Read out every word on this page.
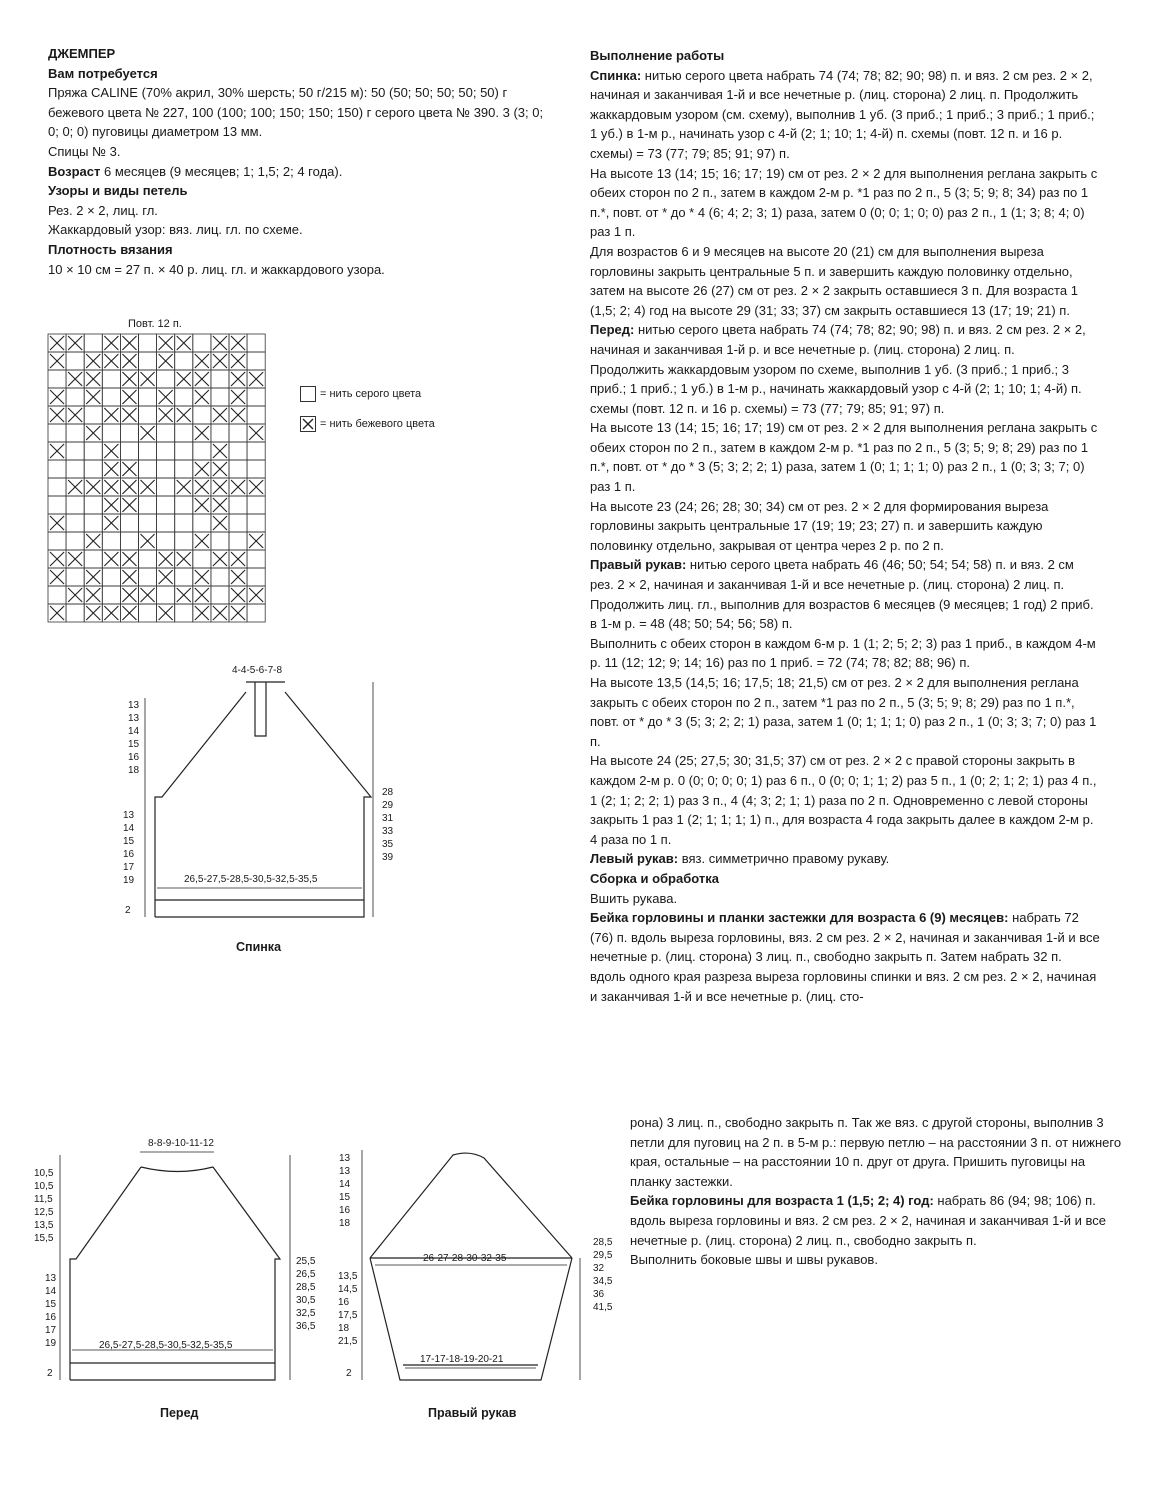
ДЖЕМПЕР
Вам потребуется

Пряжа CALINE (70% акрил, 30% шерсть; 50 г/215 м): 50 (50; 50; 50; 50; 50) г бежевого цвета № 227, 100 (100; 100; 150; 150; 150) г серого цвета № 390. 3 (3; 0; 0; 0; 0) пуговицы диаметром 13 мм.

Спицы № 3.

Возраст 6 месяцев (9 месяцев; 1; 1,5; 2; 4 года).

Узоры и виды петель

Рез. 2 × 2, лиц. гл.

Жаккардовый узор: вяз. лиц. гл. по схеме.

Плотность вязания

10 × 10 см = 27 п. × 40 р. лиц. гл. и жаккардового узора.

Повт. 12 п.
= нить серого цвета
= нить бежевого цвета
4-4-5-6-7-8
13
13
14
15
16
18
13
14
15
16
17
19
28
29
31
33
35
39
26,5-27,5-28,5-30,5-32,5-35,5
2
Спинка
8-8-9-10-11-12
10,5
10,5
11,5
12,5
13,5
15,5
13
14
15
16
17
19
25,5
26,5
28,5
30,5
32,5
36,5
26,5-27,5-28,5-30,5-32,5-35,5
2
Перед
13
13
14
15
16
18
13,5
14,5
16
17,5
18
21,5
28,5
29,5
32
34,5
36
41,5
26-27-28-30-32-35
17-17-18-19-20-21
2
Правый рукав
Выполнение работы

Спинка: нитью серого цвета набрать 74 (74; 78; 82; 90; 98) п. и вяз. 2 см рез. 2 × 2, начиная и заканчивая 1-й и все нечетные р. (лиц. сторона) 2 лиц. п. Продолжить жаккардовым узором (см. схему), выполнив 1 уб. (3 приб.; 1 приб.; 3 приб.; 1 приб.; 1 уб.) в 1-м р., начинать узор с 4-й (2; 1; 10; 1; 4-й) п. схемы (повт. 12 п. и 16 р. схемы) = 73 (77; 79; 85; 91; 97) п.

На высоте 13 (14; 15; 16; 17; 19) см от рез. 2 × 2 для выполнения реглана закрыть с обеих сторон по 2 п., затем в каждом 2-м р. *1 раз по 2 п., 5 (3; 5; 9; 8; 34) раз по 1 п.*, повт. от * до * 4 (6; 4; 2; 3; 1) раза, затем 0 (0; 0; 1; 0; 0) раз 2 п., 1 (1; 3; 8; 4; 0) раз 1 п.

Для возрастов 6 и 9 месяцев на высоте 20 (21) см для выполнения выреза горловины закрыть центральные 5 п. и завершить каждую половинку отдельно, затем на высоте 26 (27) см от рез. 2 × 2 закрыть оставшиеся 3 п. Для возраста 1 (1,5; 2; 4) год на высоте 29 (31; 33; 37) см закрыть оставшиеся 13 (17; 19; 21) п.

Перед: нитью серого цвета набрать 74 (74; 78; 82; 90; 98) п. и вяз. 2 см рез. 2 × 2, начиная и заканчивая 1-й р. и все нечетные р. (лиц. сторона) 2 лиц. п.

Продолжить жаккардовым узором по схеме, выполнив 1 уб. (3 приб.; 1 приб.; 3 приб.; 1 приб.; 1 уб.) в 1-м р., начинать жаккардовый узор с 4-й (2; 1; 10; 1; 4-й) п. схемы (повт. 12 п. и 16 р. схемы) = 73 (77; 79; 85; 91; 97) п.

На высоте 13 (14; 15; 16; 17; 19) см от рез. 2 × 2 для выполнения реглана закрыть с обеих сторон по 2 п., затем в каждом 2-м р. *1 раз по 2 п., 5 (3; 5; 9; 8; 29) раз по 1 п.*, повт. от * до * 3 (5; 3; 2; 2; 1) раза, затем 1 (0; 1; 1; 1; 0) раз 2 п., 1 (0; 3; 3; 7; 0) раз 1 п.

На высоте 23 (24; 26; 28; 30; 34) см от рез. 2 × 2 для формирования выреза горловины закрыть центральные 17 (19; 19; 23; 27) п. и завершить каждую половинку отдельно, закрывая от центра через 2 р. по 2 п.

Правый рукав: нитью серого цвета набрать 46 (46; 50; 54; 54; 58) п. и вяз. 2 см рез. 2 × 2, начиная и заканчивая 1-й и все нечетные р. (лиц. сторона) 2 лиц. п. Продолжить лиц. гл., выполнив для возрастов 6 месяцев (9 месяцев; 1 год) 2 приб. в 1-м р. = 48 (48; 50; 54; 56; 58) п.

Выполнить с обеих сторон в каждом 6-м р. 1 (1; 2; 5; 2; 3) раз 1 приб., в каждом 4-м р. 11 (12; 12; 9; 14; 16) раз по 1 приб. = 72 (74; 78; 82; 88; 96) п.

На высоте 13,5 (14,5; 16; 17,5; 18; 21,5) см от рез. 2 × 2 для выполнения реглана закрыть с обеих сторон по 2 п., затем *1 раз по 2 п., 5 (3; 5; 9; 8; 29) раз по 1 п.*, повт. от * до * 3 (5; 3; 2; 2; 1) раза, затем 1 (0; 1; 1; 1; 0) раз 2 п., 1 (0; 3; 3; 7; 0) раз 1 п.

На высоте 24 (25; 27,5; 30; 31,5; 37) см от рез. 2 × 2 с правой стороны закрыть в каждом 2-м р. 0 (0; 0; 0; 0; 1) раз 6 п., 0 (0; 0; 1; 1; 2) раз 5 п., 1 (0; 2; 1; 2; 1) раз 4 п., 1 (2; 1; 2; 2; 1) раз 3 п., 4 (4; 3; 2; 1; 1) раза по 2 п. Одновременно с левой стороны закрыть 1 раз 1 (2; 1; 1; 1; 1) п., для возраста 4 года закрыть далее в каждом 2-м р. 4 раза по 1 п.

Левый рукав: вяз. симметрично правому рукаву.

Сборка и обработка

Вшить рукава.

Бейка горловины и планки застежки для возраста 6 (9) месяцев: набрать 72 (76) п. вдоль выреза горловины, вяз. 2 см рез. 2 × 2, начиная и заканчивая 1-й и все нечетные р. (лиц. сторона) 3 лиц. п., свободно закрыть п. Затем набрать 32 п. вдоль одного края разреза выреза горловины спинки и вяз. 2 см рез. 2 × 2, начиная и заканчивая 1-й и все нечетные р. (лиц. сто-

рона) 3 лиц. п., свободно закрыть п. Так же вяз. с другой стороны, выполнив 3 петли для пуговиц на 2 п. в 5-м р.: первую петлю – на расстоянии 3 п. от нижнего края, остальные – на расстоянии 10 п. друг от друга. Пришить пуговицы на планку застежки.

Бейка горловины для возраста 1 (1,5; 2; 4) год: набрать 86 (94; 98; 106) п. вдоль выреза горловины и вяз. 2 см рез. 2 × 2, начиная и заканчивая 1-й и все нечетные р. (лиц. сторона) 2 лиц. п., свободно закрыть п.

Выполнить боковые швы и швы рукавов.
